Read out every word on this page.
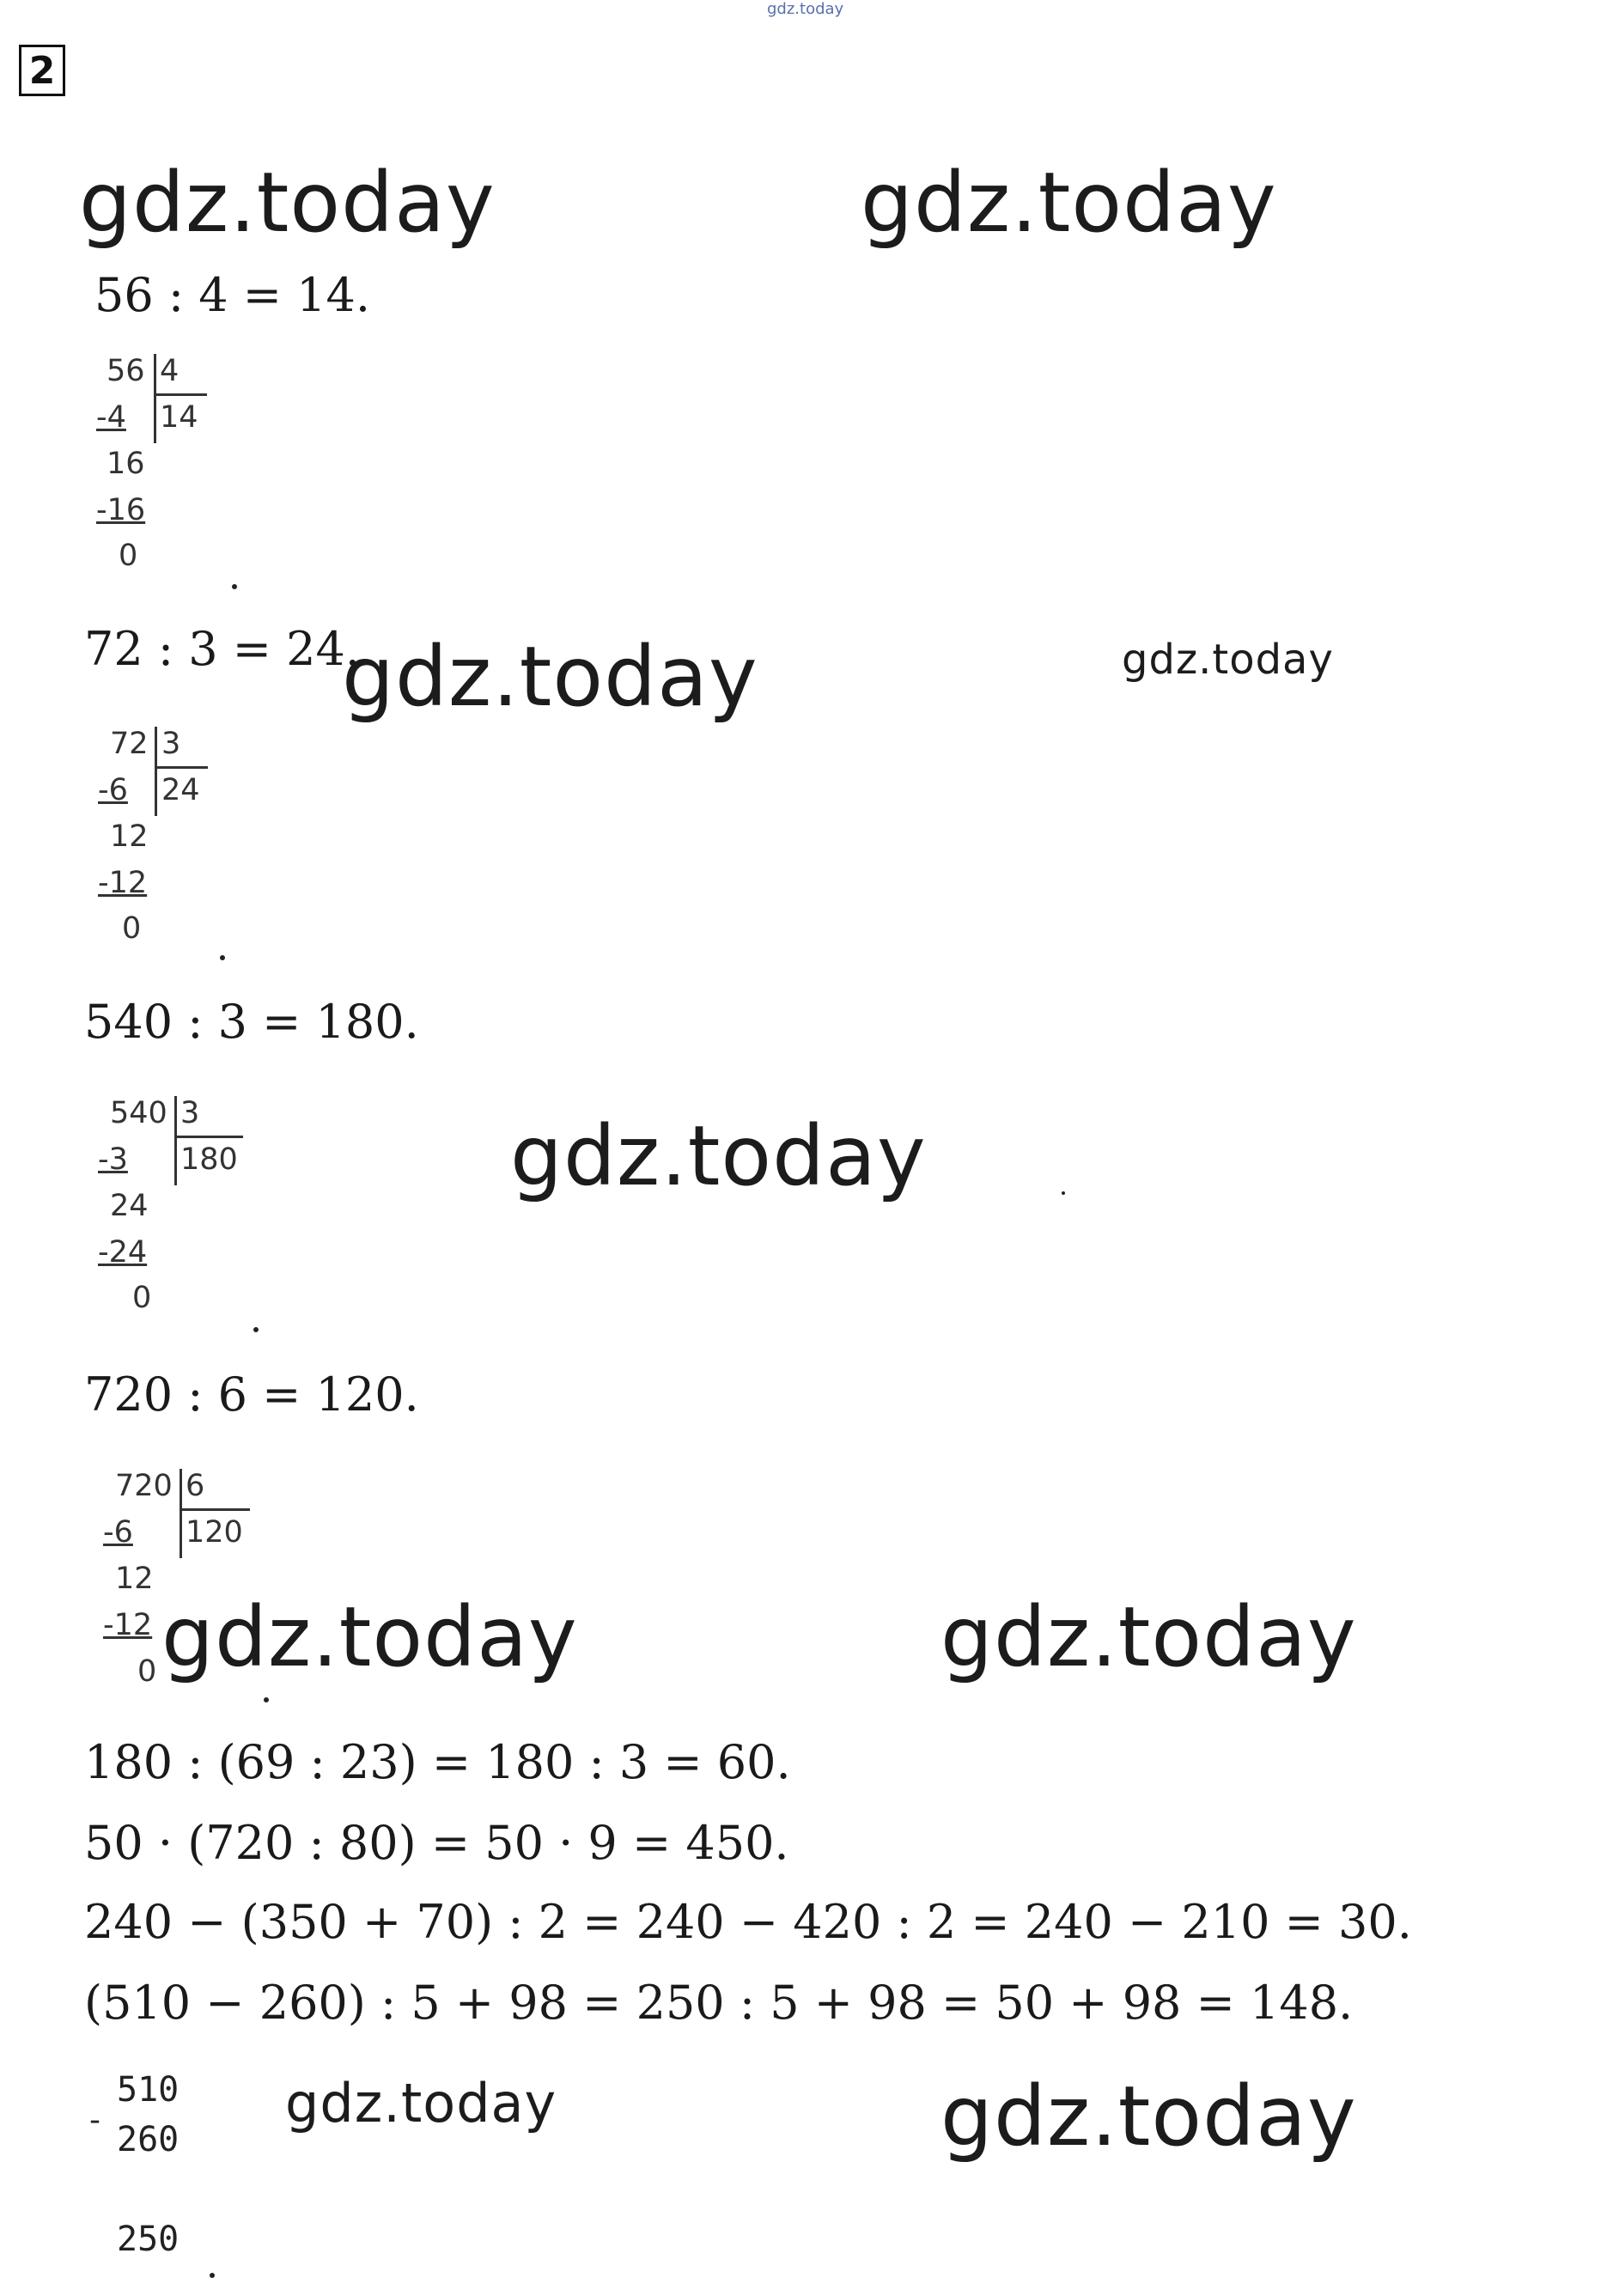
gdz.today
2
gdz.today	gdz.today
gdz.today	gdz.today
gdz.today
gdz.today	gdz.today
gdz.today	gdz.today
56 : 4 = 14.
56 4
14
-4
16
-16
0
72 : 3 = 24.
72 3
24
-6
12
-12
0
540 : 3 = 180.
540 3
180
-3
24
-24
0
720 : 6 = 120.
720 6
120
-6
12
-12
0
180 : (69 : 23) = 180 : 3 = 60.
50 · (720 : 80) = 50 · 9 = 450.
240 − (350 + 70) : 2 = 240 − 420 : 2 = 240 − 210 = 30.
(510 − 260) : 5 + 98 = 250 : 5 + 98 = 50 + 98 = 148.
-
510
260
250
